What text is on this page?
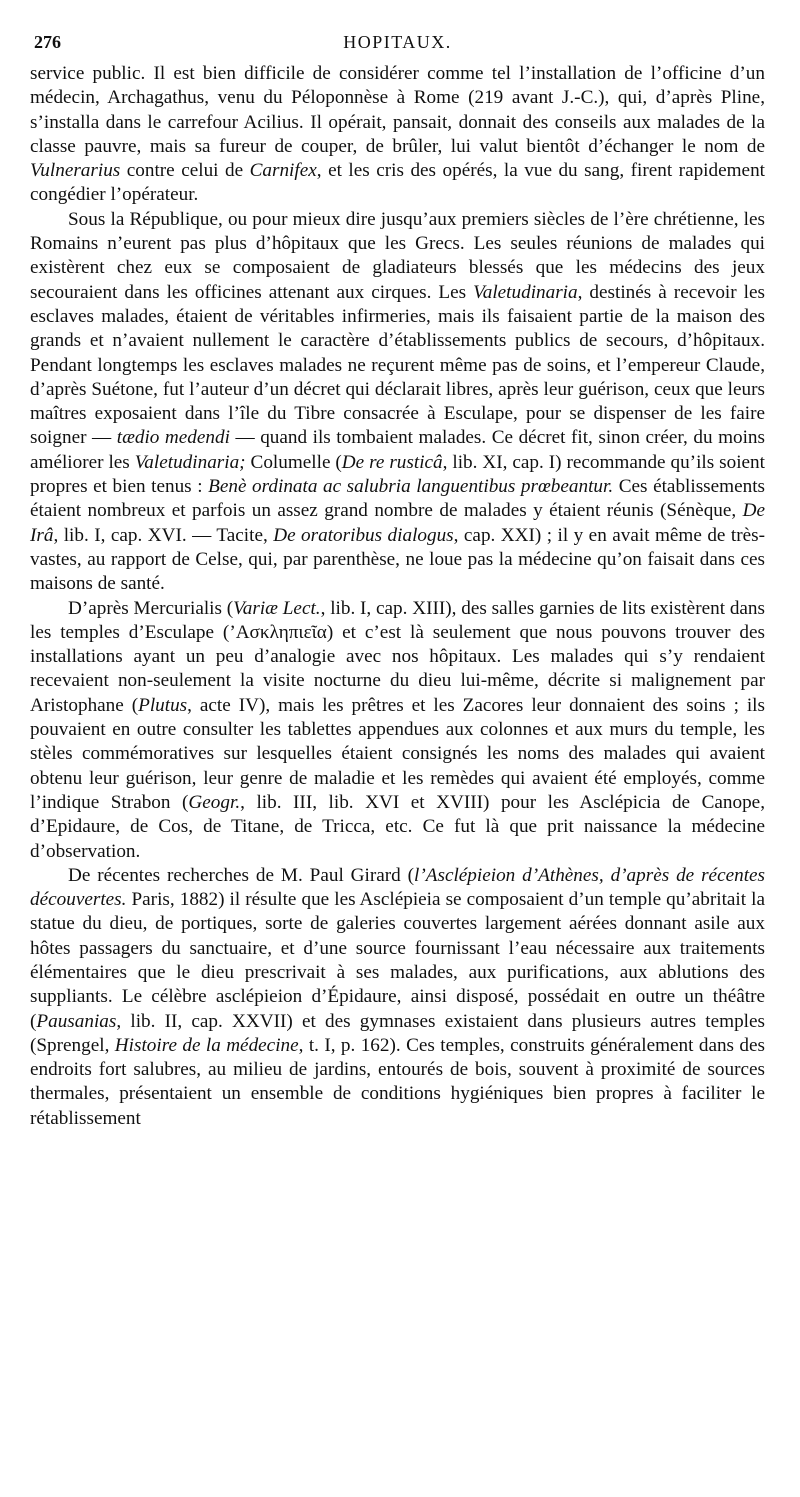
276	HOPITAUX.

service public. Il est bien difficile de considérer comme tel l’installation de l’officine d’un médecin, Archagathus, venu du Péloponnèse à Rome (219 avant J.-C.), qui, d’après Pline, s’installa dans le carrefour Acilius. Il opérait, pansait, donnait des conseils aux malades de la classe pauvre, mais sa fureur de couper, de brûler, lui valut bientôt d’échanger le nom de Vulnerarius contre celui de Carnifex, et les cris des opérés, la vue du sang, firent rapidement congédier l’opérateur.

Sous la République, ou pour mieux dire jusqu’aux premiers siècles de l’ère chrétienne, les Romains n’eurent pas plus d’hôpitaux que les Grecs. Les seules réunions de malades qui existèrent chez eux se composaient de gladiateurs blessés que les médecins des jeux secouraient dans les officines attenant aux cirques. Les Valetudinaria, destinés à recevoir les esclaves malades, étaient de véritables infirmeries, mais ils faisaient partie de la maison des grands et n’avaient nullement le caractère d’établissements publics de secours, d’hôpitaux. Pendant longtemps les esclaves malades ne reçurent même pas de soins, et l’empereur Claude, d’après Suétone, fut l’auteur d’un décret qui déclarait libres, après leur guérison, ceux que leurs maîtres exposaient dans l’île du Tibre consacrée à Esculape, pour se dispenser de les faire soigner — tædio medendi — quand ils tombaient malades. Ce décret fit, sinon créer, du moins améliorer les Valetudinaria; Columelle (De re rusticâ, lib. XI, cap. I) recommande qu’ils soient propres et bien tenus : Benè ordinata ac salubria languentibus prœbeantur. Ces établissements étaient nombreux et parfois un assez grand nombre de malades y étaient réunis (Sénèque, De Irâ, lib. I, cap. XVI. — Tacite, De oratoribus dialogus, cap. XXI) ; il y en avait même de très-vastes, au rapport de Celse, qui, par parenthèse, ne loue pas la médecine qu’on faisait dans ces maisons de santé.

D’après Mercurialis (Variæ Lect., lib. I, cap. XIII), des salles garnies de lits existèrent dans les temples d’Esculape (’Ασκληπιεῖα) et c’est là seulement que nous pouvons trouver des installations ayant un peu d’analogie avec nos hôpitaux. Les malades qui s’y rendaient recevaient non-seulement la visite nocturne du dieu lui-même, décrite si malignement par Aristophane (Plutus, acte IV), mais les prêtres et les Zacores leur donnaient des soins ; ils pouvaient en outre consulter les tablettes appendues aux colonnes et aux murs du temple, les stèles commémoratives sur lesquelles étaient consignés les noms des malades qui avaient obtenu leur guérison, leur genre de maladie et les remèdes qui avaient été employés, comme l’indique Strabon (Geogr., lib. III, lib. XVI et XVIII) pour les Asclépicia de Canope, d’Epidaure, de Cos, de Titane, de Tricca, etc. Ce fut là que prit naissance la médecine d’observation.

De récentes recherches de M. Paul Girard (l’Asclépieion d’Athènes, d’après de récentes découvertes. Paris, 1882) il résulte que les Asclépieia se composaient d’un temple qu’abritait la statue du dieu, de portiques, sorte de galeries couvertes largement aérées donnant asile aux hôtes passagers du sanctuaire, et d’une source fournissant l’eau nécessaire aux traitements élémentaires que le dieu prescrivait à ses malades, aux purifications, aux ablutions des suppliants. Le célèbre asclépieion d’Épidaure, ainsi disposé, possédait en outre un théâtre (Pausanias, lib. II, cap. XXVII) et des gymnases existaient dans plusieurs autres temples (Sprengel, Histoire de la médecine, t. I, p. 162). Ces temples, construits généralement dans des endroits fort salubres, au milieu de jardins, entourés de bois, souvent à proximité de sources thermales, présentaient un ensemble de conditions hygiéniques bien propres à faciliter le rétablissement
